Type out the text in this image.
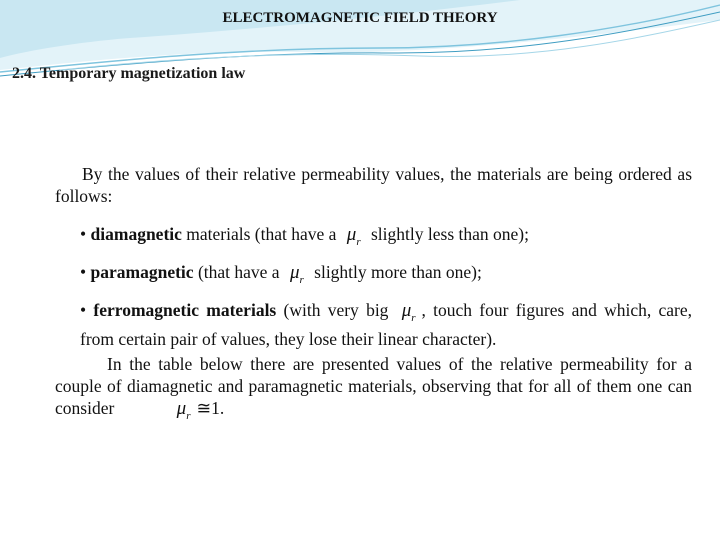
ELECTROMAGNETIC FIELD THEORY
2.4. Temporary magnetization law
By the values of their relative permeability values, the materials are being ordered as follows:
• diamagnetic materials (that have a $\mu_r$ slightly less than one);
• paramagnetic (that have a $\mu_r$ slightly more than one);
• ferromagnetic materials (with very big $\mu_r$ , touch four figures and which, care, from certain pair of values, they lose their linear character).
In the table below there are presented values of the relative permeability for a couple of diamagnetic and paramagnetic materials, observing that for all of them one can consider	$\mu_r$ ≅1.
